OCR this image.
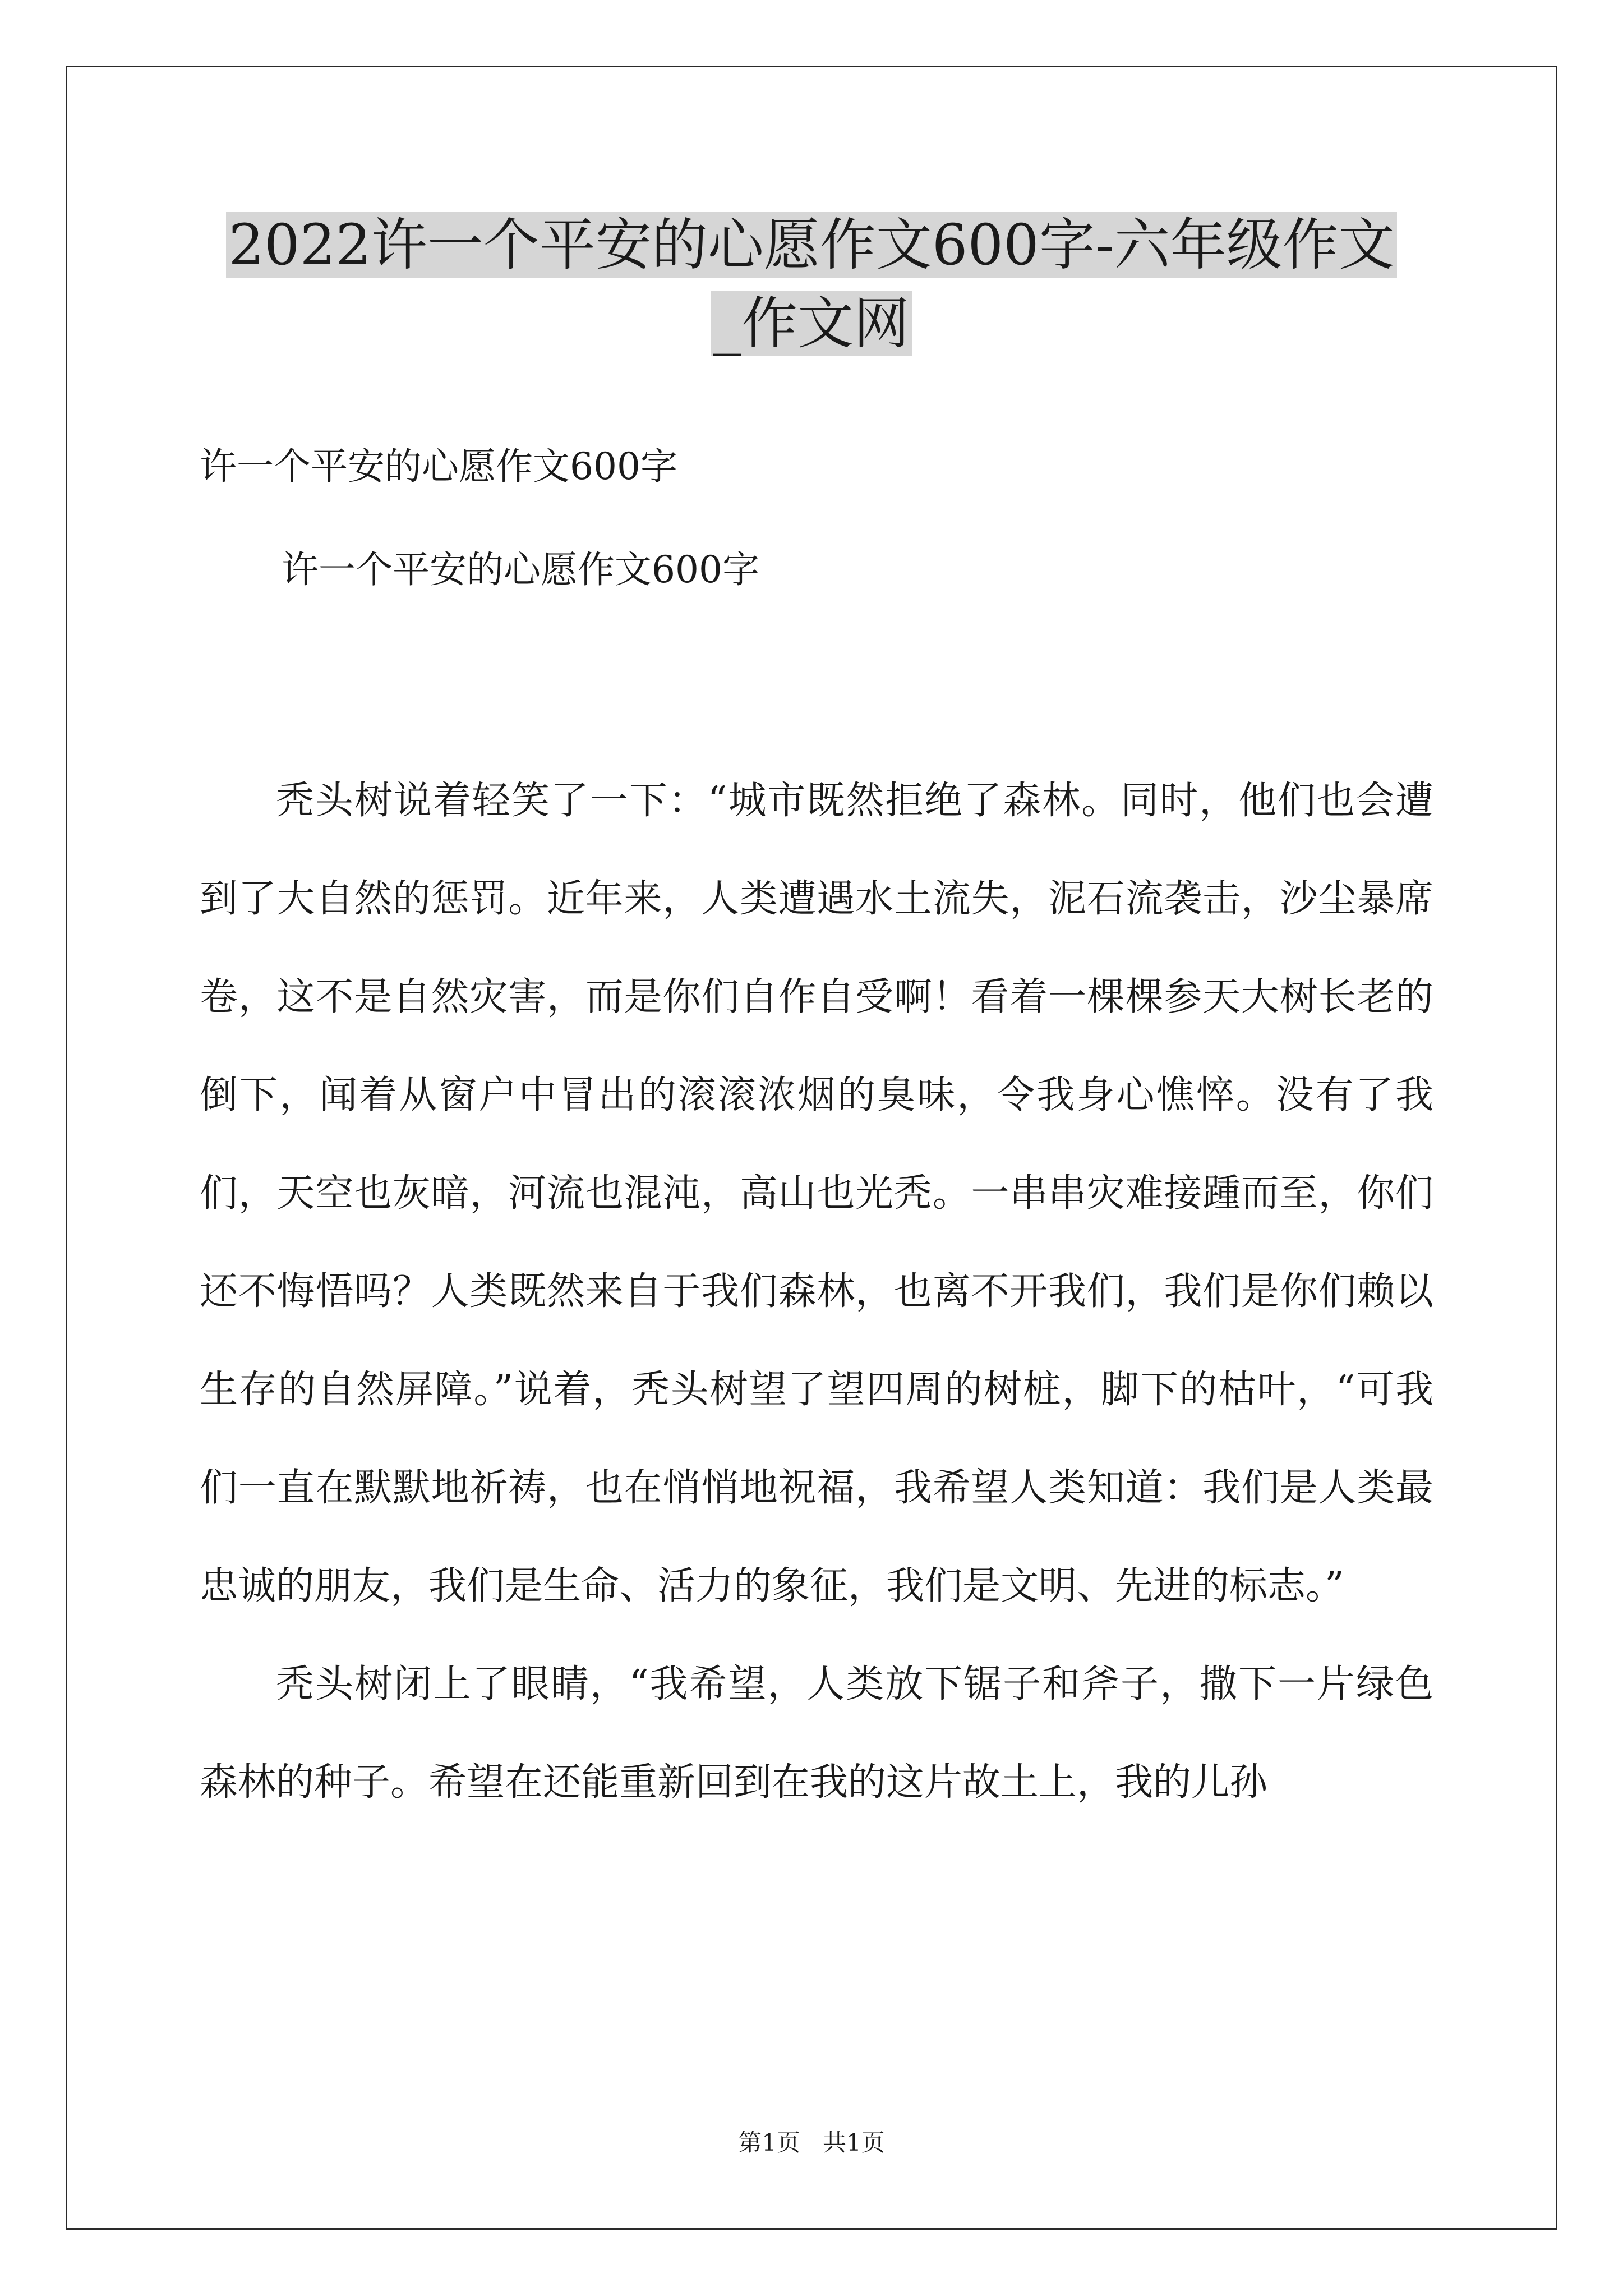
2022许一个平安的心愿作文600字-六年级作文
_作文网
许一个平安的心愿作文600字
许一个平安的心愿作文600字

秃头树说着轻笑了一下：“城市既然拒绝了森林。同时，他们也会遭到了大自然的惩罚。近年来，人类遭遇水土流失，泥石流袭击，沙尘暴席卷，这不是自然灾害，而是你们自作自受啊！看着一棵棵参天大树长老的倒下，闻着从窗户中冒出的滚滚浓烟的臭味，令我身心憔悴。没有了我们，天空也灰暗，河流也混沌，高山也光秃。一串串灾难接踵而至，你们还不悔悟吗？人类既然来自于我们森林，也离不开我们，我们是你们赖以生存的自然屏障。”说着，秃头树望了望四周的树桩，脚下的枯叶，“可我们一直在默默地祈祷，也在悄悄地祝福，我希望人类知道：我们是人类最忠诚的朋友，我们是生命、活力的象征，我们是文明、先进的标志。”

秃头树闭上了眼睛，“我希望，人类放下锯子和斧子，撒下一片绿色森林的种子。希望在还能重新回到在我的这片故土上，我的儿孙

第1页   共1页
